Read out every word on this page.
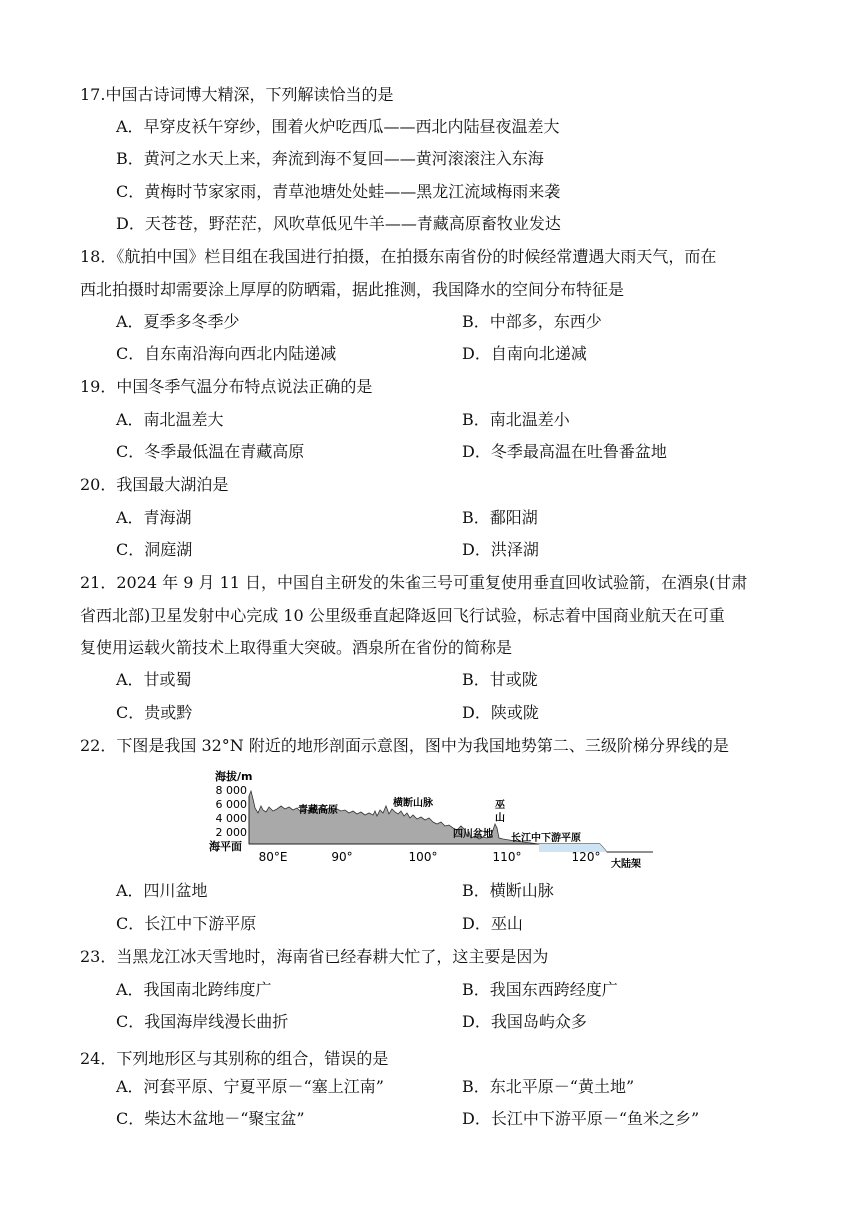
17.中国古诗词博大精深，下列解读恰当的是
A．早穿皮袄午穿纱，围着火炉吃西瓜——西北内陆昼夜温差大
B．黄河之水天上来，奔流到海不复回——黄河滚滚注入东海
C．黄梅时节家家雨，青草池塘处处蛙——黑龙江流域梅雨来袭
D．天苍苍，野茫茫，风吹草低见牛羊——青藏高原畜牧业发达
18．《航拍中国》栏目组在我国进行拍摄，在拍摄东南省份的时候经常遭遇大雨天气，而在
西北拍摄时却需要涂上厚厚的防晒霜，据此推测，我国降水的空间分布特征是
A．夏季多冬季少	B．中部多，东西少
C．自东南沿海向西北内陆递减	D．自南向北递减
19．中国冬季气温分布特点说法正确的是
A．南北温差大	B．南北温差小
C．冬季最低温在青藏高原	D．冬季最高温在吐鲁番盆地
20．我国最大湖泊是
A．青海湖	B．鄱阳湖
C．洞庭湖	D．洪泽湖
21．2024 年 9 月 11 日，中国自主研发的朱雀三号可重复使用垂直回收试验箭，在酒泉(甘肃
省西北部)卫星发射中心完成 10 公里级垂直起降返回飞行试验，标志着中国商业航天在可重
复使用运载火箭技术上取得重大突破。酒泉所在省份的简称是
A．甘或蜀	B．甘或陇
C．贵或黔	D．陕或陇
22．下图是我国 32°N 附近的地形剖面示意图，图中为我国地势第二、三级阶梯分界线的是
海拔/m
8 000
6 000
4 000
2 000
海平面
80°E	90°	100°	110°	120°
青藏高原
横断山脉	巫
山
四川盆地 长江中下游平原
大陆架
A．四川盆地	B．横断山脉
C．长江中下游平原	D．巫山
23．当黑龙江冰天雪地时，海南省已经春耕大忙了，这主要是因为
A．我国南北跨纬度广	B．我国东西跨经度广
C．我国海岸线漫长曲折	D．我国岛屿众多
24．下列地形区与其别称的组合，错误的是
A．河套平原、宁夏平原－“塞上江南”	B．东北平原－“黄土地”
C．柴达木盆地－“聚宝盆”	D．长江中下游平原－“鱼米之乡”
